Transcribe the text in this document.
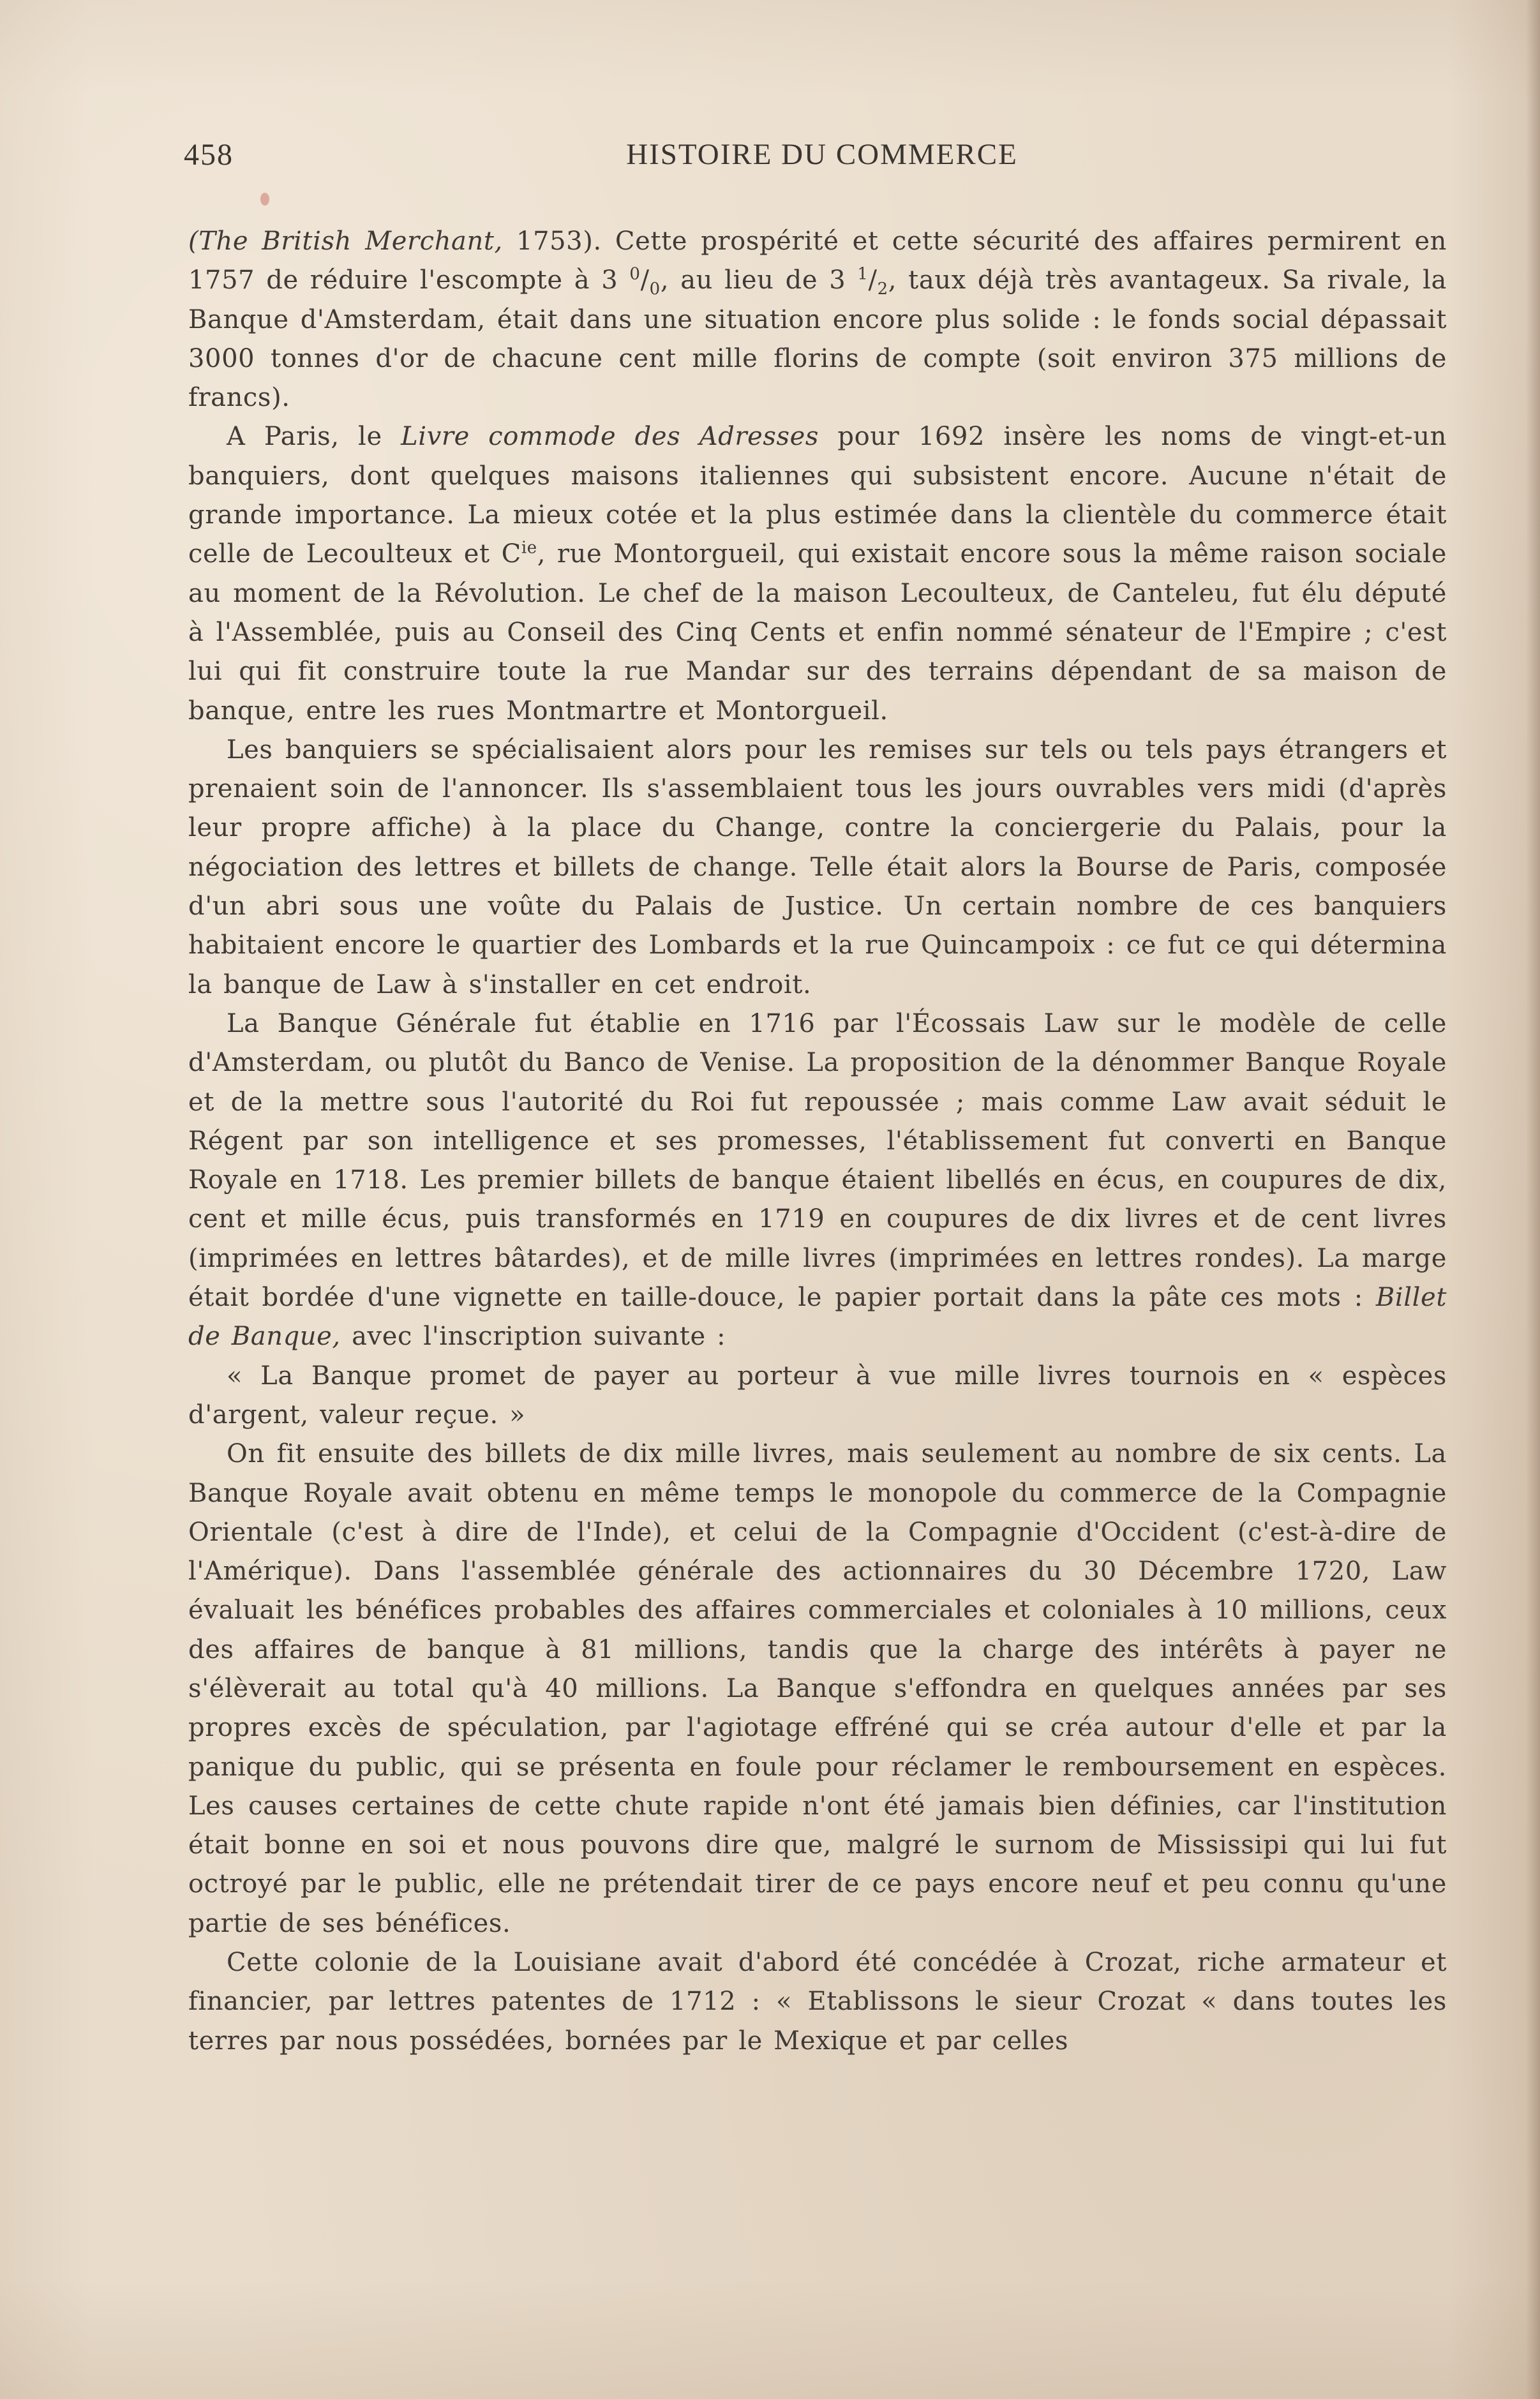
458	HISTOIRE DU COMMERCE

(The British Merchant, 1753). Cette prospérité et cette sécurité des affaires permirent en 1757 de réduire l'escompte à 3 $^0/_0$, au lieu de 3 $^1/_2$, taux déjà très avantageux. Sa rivale, la Banque d'Amsterdam, était dans une situation encore plus solide : le fonds social dépassait 3000 tonnes d'or de chacune cent mille florins de compte (soit environ 375 millions de francs).

A Paris, le Livre commode des Adresses pour 1692 insère les noms de vingt-et-un banquiers, dont quelques maisons italiennes qui subsistent encore. Aucune n'était de grande importance. La mieux cotée et la plus estimée dans la clientèle du commerce était celle de Lecoulteux et $C^{ie}$, rue Montorgueil, qui existait encore sous la même raison sociale au moment de la Révolution. Le chef de la maison Lecoulteux, de Canteleu, fut élu député à l'Assemblée, puis au Conseil des Cinq Cents et enfin nommé sénateur de l'Empire ; c'est lui qui fit construire toute la rue Mandar sur des terrains dépendant de sa maison de banque, entre les rues Montmartre et Montorgueil.

Les banquiers se spécialisaient alors pour les remises sur tels ou tels pays étrangers et prenaient soin de l'annoncer. Ils s'assemblaient tous les jours ouvrables vers midi (d'après leur propre affiche) à la place du Change, contre la conciergerie du Palais, pour la négociation des lettres et billets de change. Telle était alors la Bourse de Paris, composée d'un abri sous une voûte du Palais de Justice. Un certain nombre de ces banquiers habitaient encore le quartier des Lombards et la rue Quincampoix : ce fut ce qui détermina la banque de Law à s'installer en cet endroit.

La Banque Générale fut établie en 1716 par l'Écossais Law sur le modèle de celle d'Amsterdam, ou plutôt du Banco de Venise. La proposition de la dénommer Banque Royale et de la mettre sous l'autorité du Roi fut repoussée ; mais comme Law avait séduit le Régent par son intelligence et ses promesses, l'établissement fut converti en Banque Royale en 1718. Les premier billets de banque étaient libellés en écus, en coupures de dix, cent et mille écus, puis transformés en 1719 en coupures de dix livres et de cent livres (imprimées en lettres bâtardes), et de mille livres (imprimées en lettres rondes). La marge était bordée d'une vignette en taille-douce, le papier portait dans la pâte ces mots : Billet de Banque, avec l'inscription suivante :

« La Banque promet de payer au porteur à vue mille livres tournois en « espèces d'argent, valeur reçue. »

On fit ensuite des billets de dix mille livres, mais seulement au nombre de six cents. La Banque Royale avait obtenu en même temps le monopole du commerce de la Compagnie Orientale (c'est à dire de l'Inde), et celui de la Compagnie d'Occident (c'est-à-dire de l'Amérique). Dans l'assemblée générale des actionnaires du 30 Décembre 1720, Law évaluait les bénéfices probables des affaires commerciales et coloniales à 10 millions, ceux des affaires de banque à 81 millions, tandis que la charge des intérêts à payer ne s'élèverait au total qu'à 40 millions. La Banque s'effondra en quelques années par ses propres excès de spéculation, par l'agiotage effréné qui se créa autour d'elle et par la panique du public, qui se présenta en foule pour réclamer le remboursement en espèces. Les causes certaines de cette chute rapide n'ont été jamais bien définies, car l'institution était bonne en soi et nous pouvons dire que, malgré le surnom de Mississipi qui lui fut octroyé par le public, elle ne prétendait tirer de ce pays encore neuf et peu connu qu'une partie de ses bénéfices.

Cette colonie de la Louisiane avait d'abord été concédée à Crozat, riche armateur et financier, par lettres patentes de 1712 : « Etablissons le sieur Crozat « dans toutes les terres par nous possédées, bornées par le Mexique et par celles
